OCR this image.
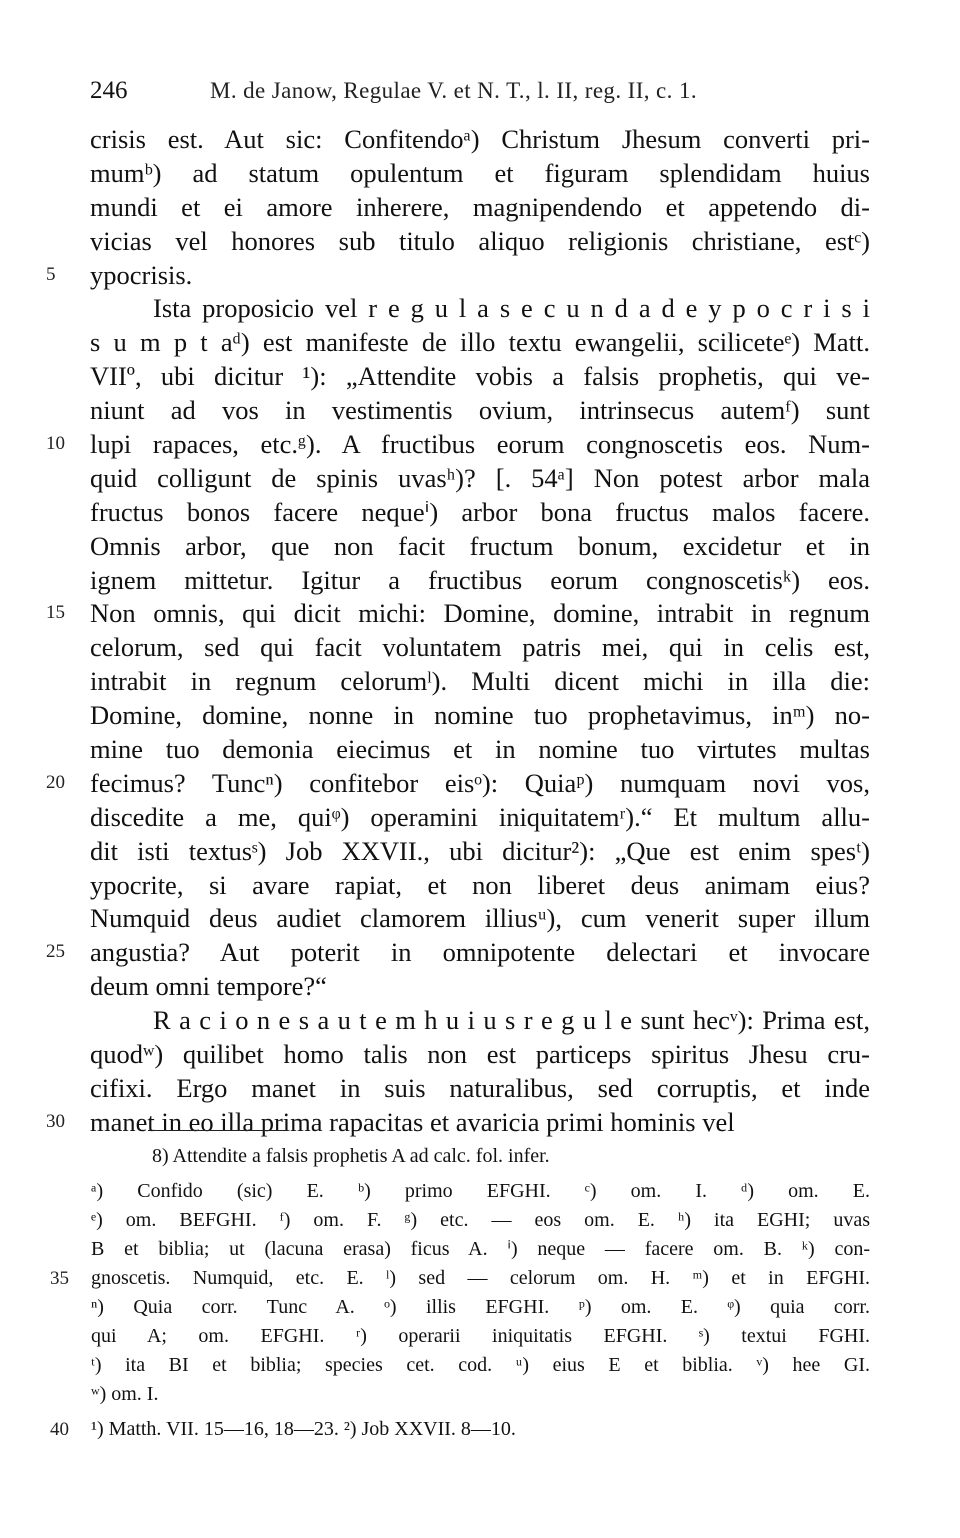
246	M. de Janow, Regulae V. et N. T., l. II, reg. II, c. 1.
crisis est. Aut sic: Confitendoᵃ) Christum Jhesum converti pri-
mumᵇ) ad statum opulentum et figuram splendidam huius
mundi et ei amore inherere, magnipendendo et appetendo di-
vicias vel honores sub titulo aliquo religionis christiane, estᶜ)
5	ypocrisis.
Ista proposicio vel r e g u l a s e c u n d a d e y p o c r i s i
s u m p t aᵈ) est manifeste de illo textu ewangelii, sciliceteᵉ) Matt.
VIIº, ubi dicitur ¹): „Attendite vobis a falsis prophetis, qui ve-
niunt ad vos in vestimentis ovium, intrinsecus autemᶠ) sunt
10 lupi rapaces, etc.ᵍ). A fructibus eorum congnoscetis eos. Num-
quid colligunt de spinis uvasʰ)? [. 54ᵃ] Non potest arbor mala
fructus bonos facere nequeⁱ) arbor bona fructus malos facere.
Omnis arbor, que non facit fructum bonum, excidetur et in
ignem mittetur. Igitur a fructibus eorum congnoscetisᵏ) eos.
15 Non omnis, qui dicit michi: Domine, domine, intrabit in regnum
celorum, sed qui facit voluntatem patris mei, qui in celis est,
intrabit in regnum celorumˡ). Multi dicent michi in illa die:
Domine, domine, nonne in nomine tuo prophetavimus, inᵐ) no-
mine tuo demonia eiecimus et in nomine tuo virtutes multas
20 fecimus? Tuncⁿ) confitebor eisᵒ): Quiaᵖ) numquam novi vos,
discedite a me, quiᵠ) operamini iniquitatemʳ).“ Et multum allu-
dit isti textusˢ) Job XXVII., ubi dicitur²): „Que est enim spesᵗ)
ypocrite, si avare rapiat, et non liberet deus animam eius?
Numquid deus audiet clamorem illiusᵘ), cum venerit super illum
25 angustia? Aut poterit in omnipotente delectari et invocare
deum omni tempore?“
R a c i o n e s a u t e m h u i u s r e g u l e sunt hecᵛ): Prima est,
quodʷ) quilibet homo talis non est particeps spiritus Jhesu cru-
cifixi. Ergo manet in suis naturalibus, sed corruptis, et inde
30 manet in eo illa prima rapacitas et avaricia primi hominis vel
8) Attendite a falsis prophetis A ad calc. fol. infer.
ᵃ) Confido (sic) E. ᵇ) primo EFGHI. ᶜ) om. I. ᵈ) om. E.
ᵉ) om. BEFGHI. ᶠ) om. F. ᵍ) etc. — eos om. E. ʰ) ita EGHI; uvas
B et biblia; ut (lacuna erasa) ficus A. ⁱ) neque — facere om. B. ᵏ) con-
35 gnoscetis. Numquid, etc. E. ˡ) sed — celorum om. H. ᵐ) et in EFGHI.
ⁿ) Quia corr. Tunc A. ᵒ) illis EFGHI. ᵖ) om. E. ᵠ) quia corr.
qui A; om. EFGHI. ʳ) operarii iniquitatis EFGHI. ˢ) textui FGHI.
ᵗ) ita BI et biblia; species cet. cod. ᵘ) eius E et biblia. ᵛ) hee GI.
ʷ) om. I.
40 ¹) Matth. VII. 15—16, 18—23. ²) Job XXVII. 8—10.
